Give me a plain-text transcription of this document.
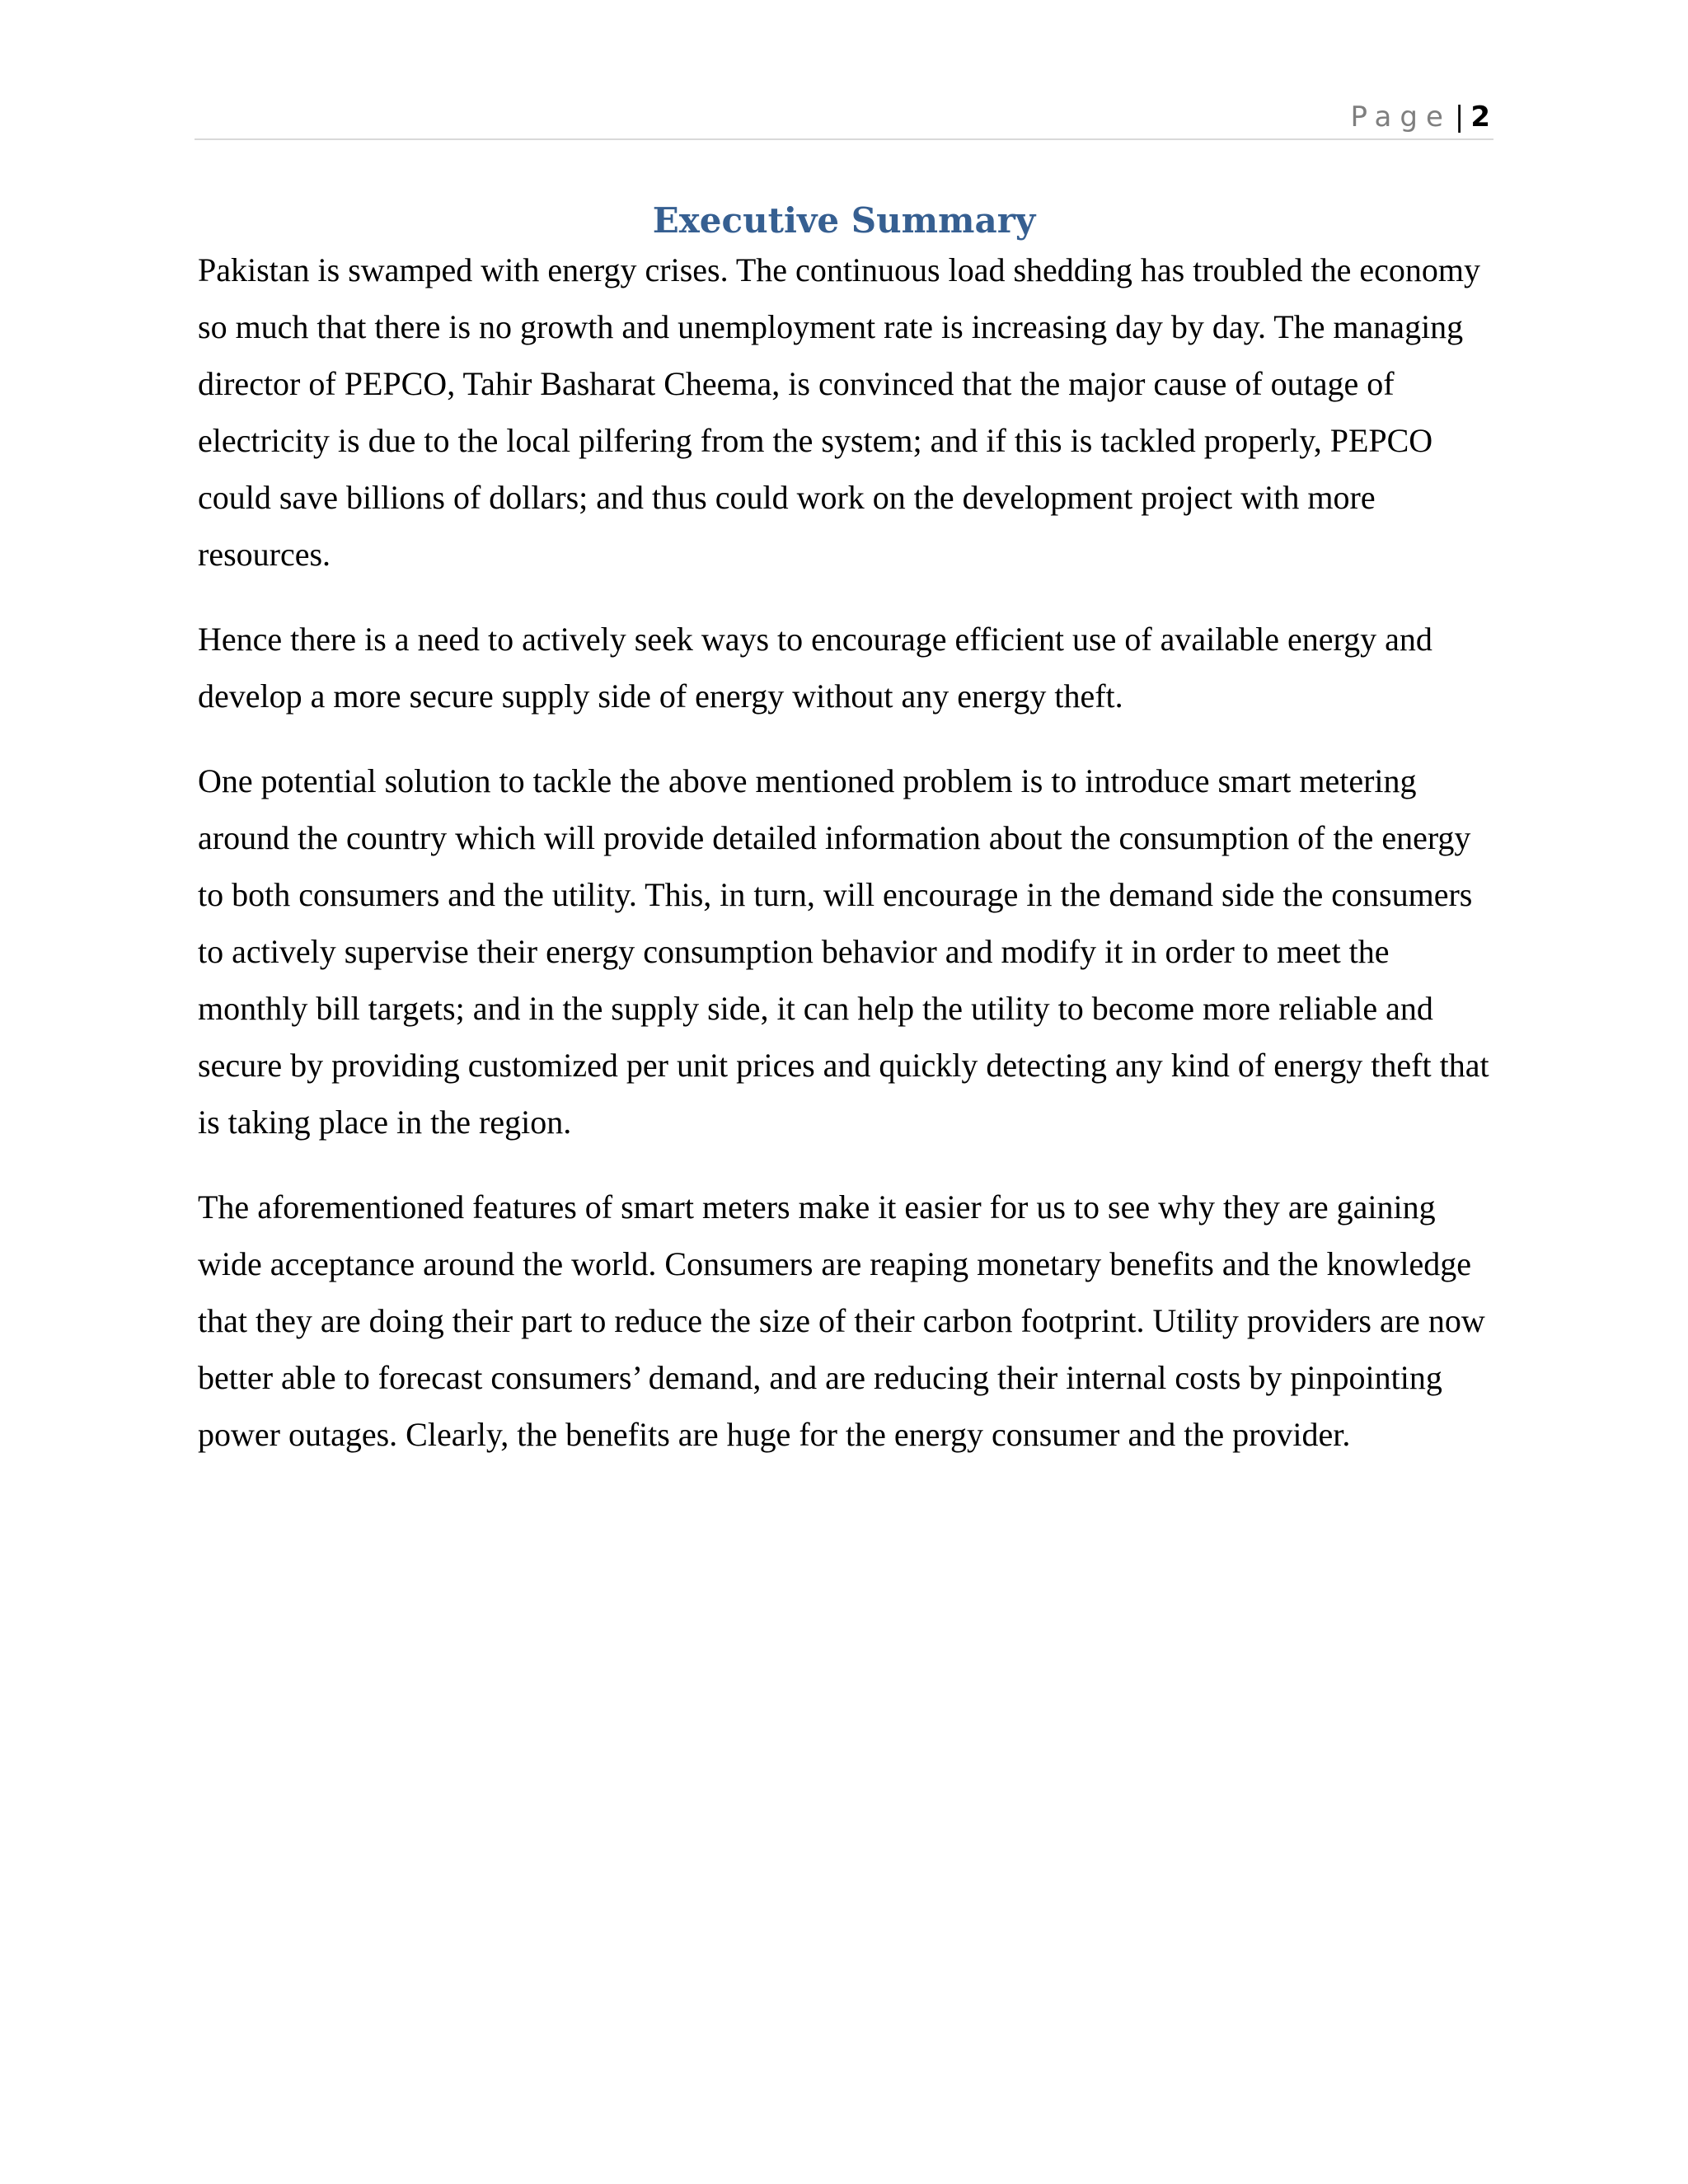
Page | 2
Executive Summary

Pakistan is swamped with energy crises. The continuous load shedding has troubled the economy so much that there is no growth and unemployment rate is increasing day by day. The managing director of PEPCO, Tahir Basharat Cheema, is convinced that the major cause of outage of electricity is due to the local pilfering from the system; and if this is tackled properly, PEPCO could save billions of dollars; and thus could work on the development project with more resources.

Hence there is a need to actively seek ways to encourage efficient use of available energy and develop a more secure supply side of energy without any energy theft.

One potential solution to tackle the above mentioned problem is to introduce smart metering around the country which will provide detailed information about the consumption of the energy to both consumers and the utility. This, in turn, will encourage in the demand side the consumers to actively supervise their energy consumption behavior and modify it in order to meet the monthly bill targets; and in the supply side, it can help the utility to become more reliable and secure by providing customized per unit prices and quickly detecting any kind of energy theft that is taking place in the region.

The aforementioned features of smart meters make it easier for us to see why they are gaining wide acceptance around the world. Consumers are reaping monetary benefits and the knowledge that they are doing their part to reduce the size of their carbon footprint. Utility providers are now better able to forecast consumers’ demand, and are reducing their internal costs by pinpointing power outages. Clearly, the benefits are huge for the energy consumer and the provider.
